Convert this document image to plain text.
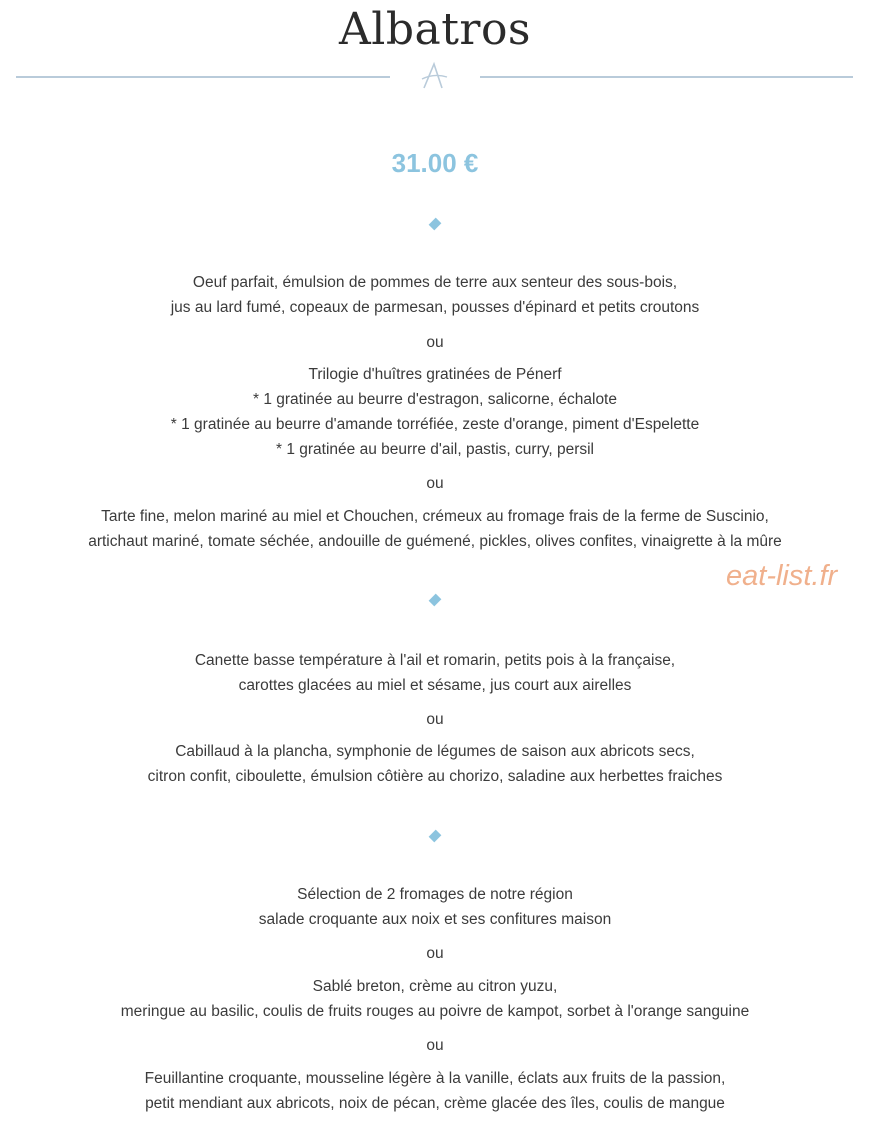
Albatros
31.00 €
Oeuf parfait, émulsion de pommes de terre aux senteur des sous-bois,
jus au lard fumé, copeaux de parmesan, pousses d'épinard et petits croutons
ou
Trilogie d'huîtres gratinées de Pénerf
* 1 gratinée au beurre d'estragon, salicorne, échalote
* 1 gratinée au beurre d'amande torréfiée, zeste d'orange, piment d'Espelette
* 1 gratinée au beurre d'ail, pastis, curry, persil
ou
Tarte fine, melon mariné au miel et Chouchen, crémeux au fromage frais de la ferme de Suscinio,
artichaut mariné, tomate séchée, andouille de guémené, pickles, olives confites, vinaigrette à la mûre
eat-list.fr
Canette basse température à l'ail et romarin, petits pois à la française,
carottes glacées au miel et sésame, jus court aux airelles
ou
Cabillaud à la plancha, symphonie de légumes de saison aux abricots secs,
citron confit, ciboulette, émulsion côtière au chorizo, saladine aux herbettes fraiches
Sélection de 2 fromages de notre région
salade croquante aux noix et ses confitures maison
ou
Sablé breton, crème au citron yuzu,
meringue au basilic, coulis de fruits rouges au poivre de kampot, sorbet à l'orange sanguine
ou
Feuillantine croquante, mousseline légère à la vanille, éclats aux fruits de la passion,
petit mendiant aux abricots, noix de pécan, crème glacée des îles, coulis de mangue
